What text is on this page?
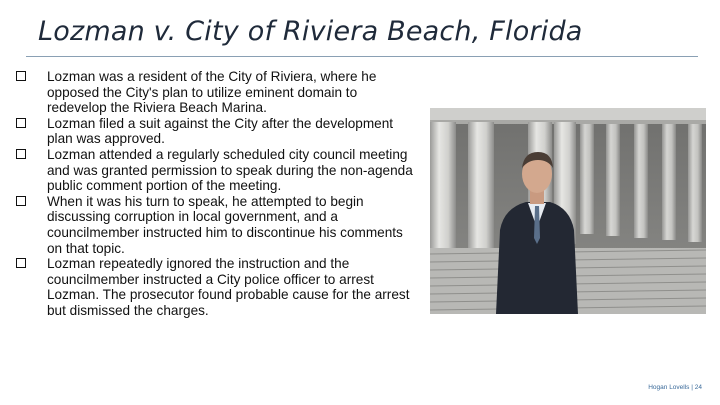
Lozman v. City of Riviera Beach, Florida
Lozman was a resident of the City of Riviera, where he opposed the City's plan to utilize eminent domain to redevelop the Riviera Beach Marina.
Lozman filed a suit against the City after the development plan was approved.
Lozman attended a regularly scheduled city council meeting and was granted permission to speak during the non-agenda public comment portion of the meeting.
When it was his turn to speak, he attempted to begin discussing corruption in local government, and a councilmember instructed him to discontinue his comments on that topic.
Lozman repeatedly ignored the instruction and the councilmember instructed a City police officer to arrest Lozman. The prosecutor found probable cause for the arrest but dismissed the charges.
Hogan Lovells | 24
